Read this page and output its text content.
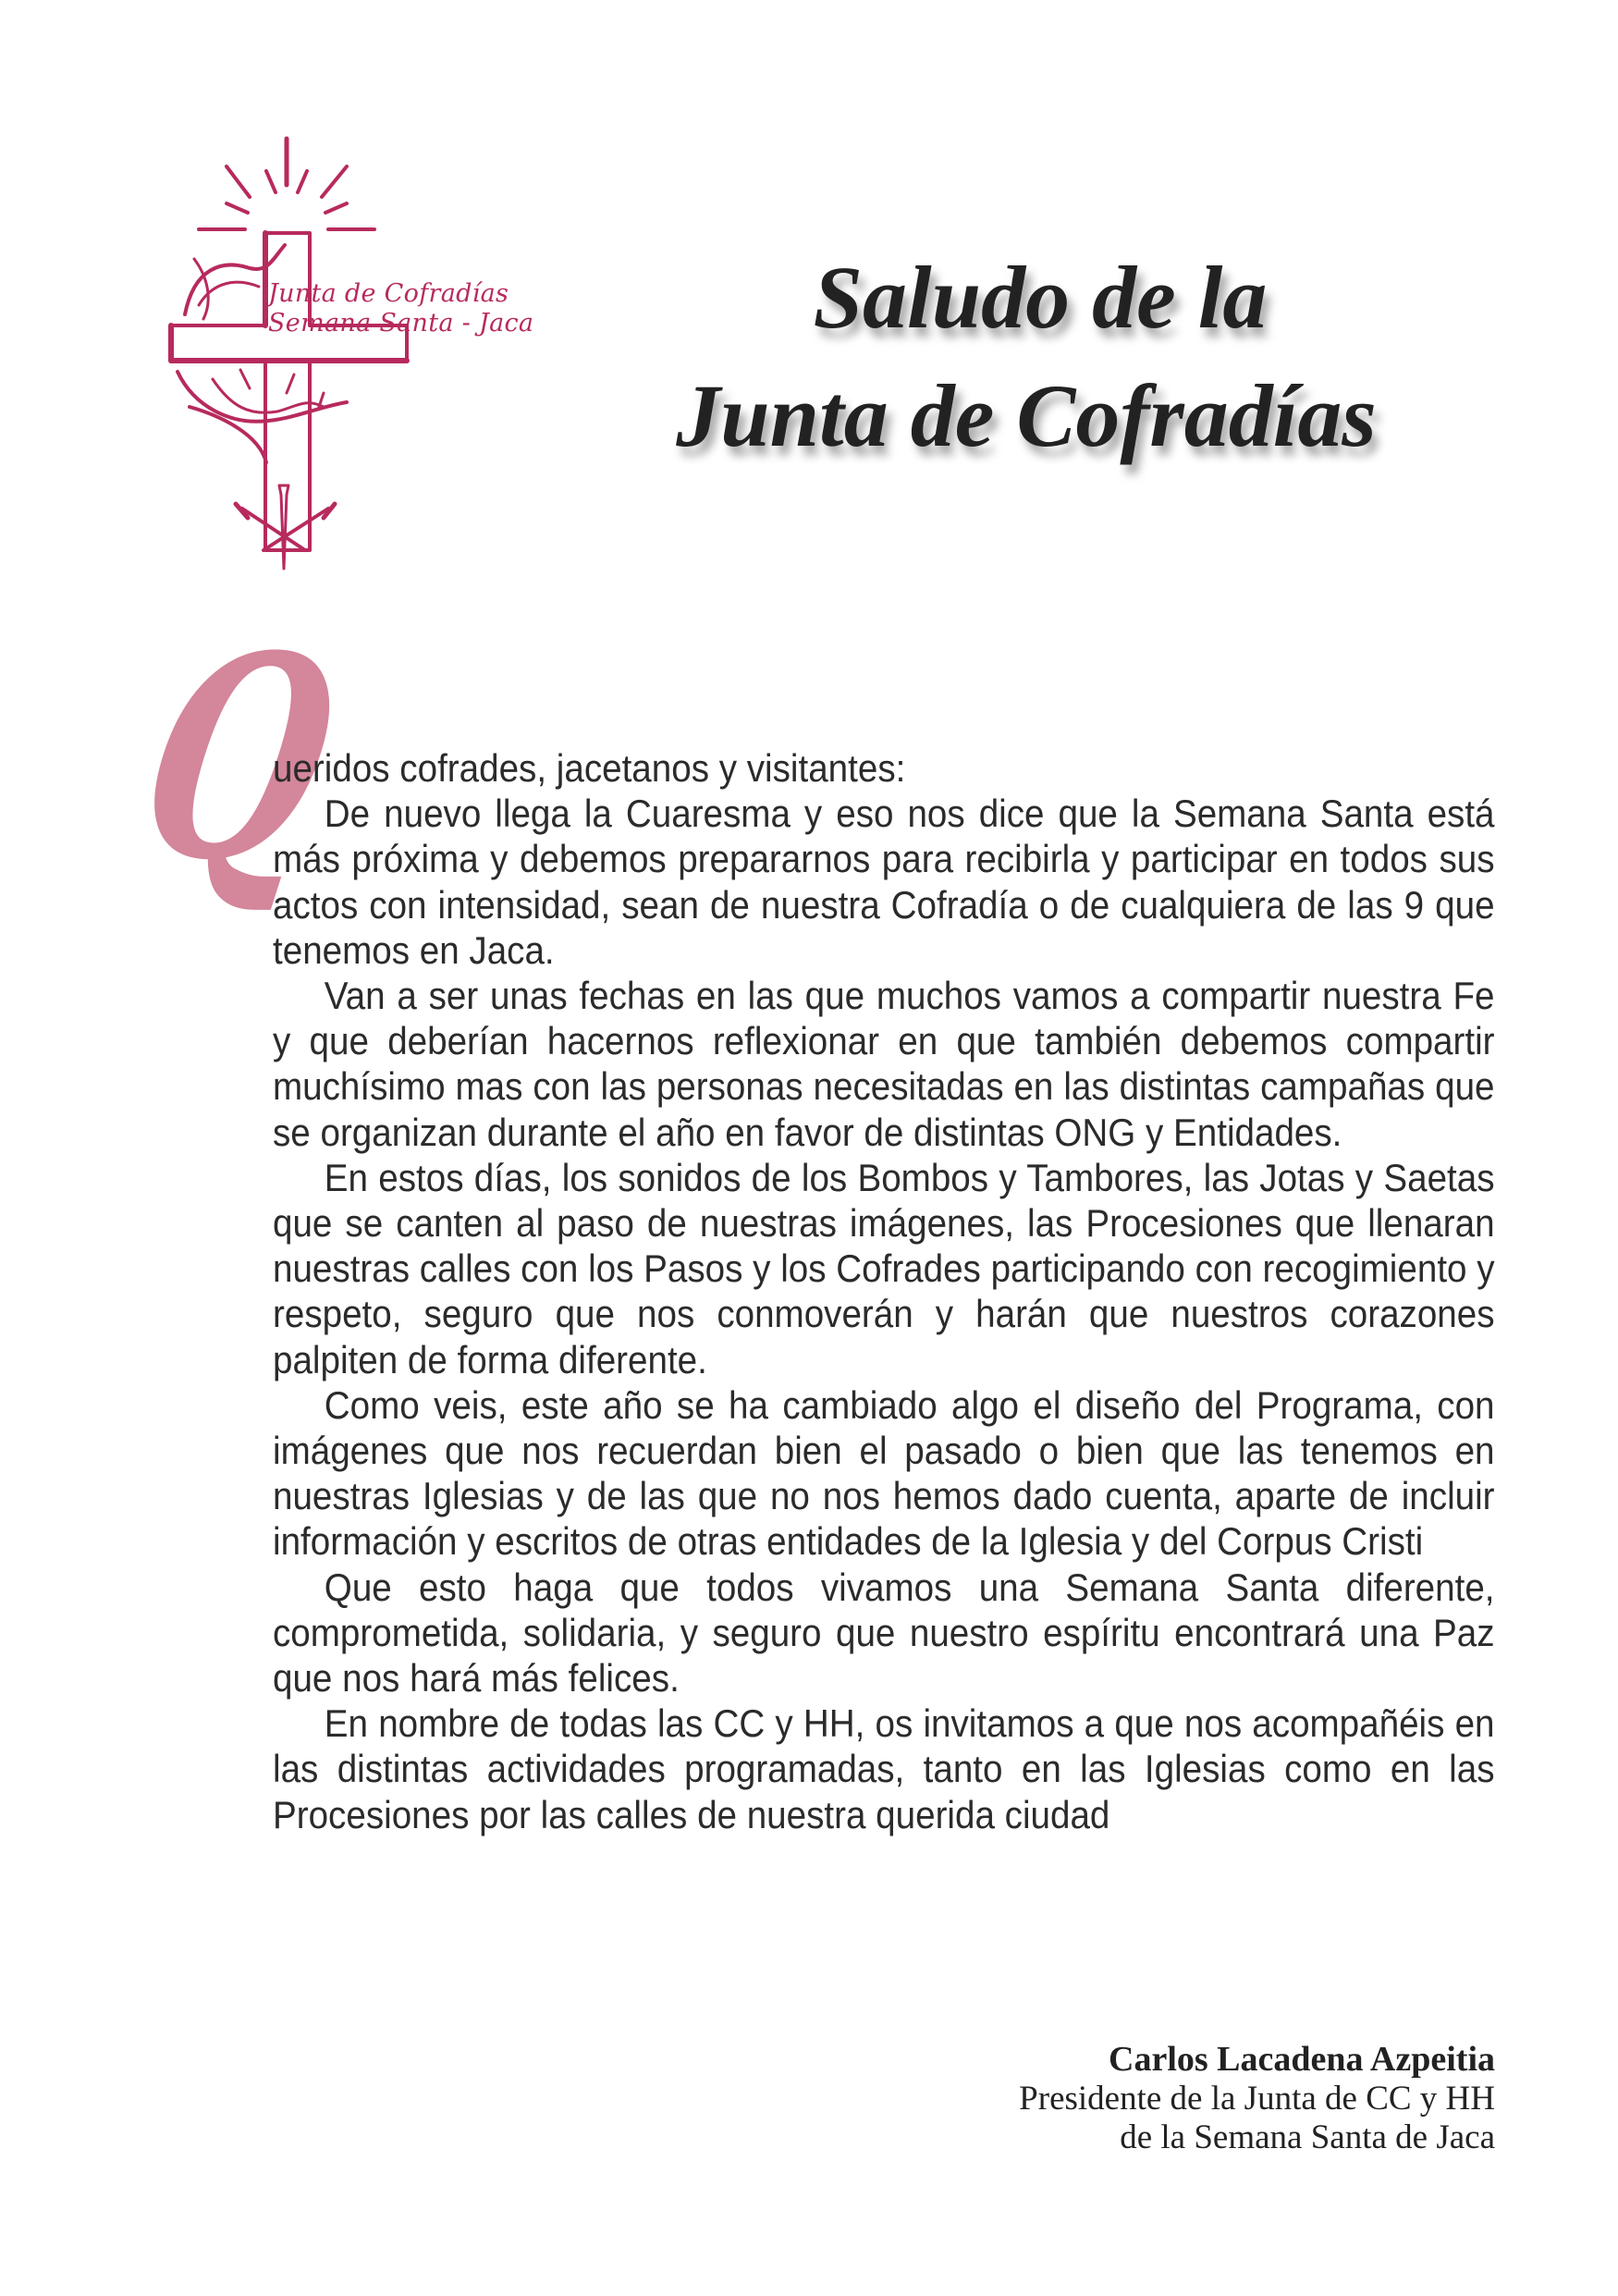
Junta de Cofradías
Semana Santa - Jaca	Saludo de la
Junta de Cofradías
Q

ueridos cofrades, jacetanos y visitantes:

De nuevo llega la Cuaresma y eso nos dice que la Semana Santa está más próxima y debemos prepararnos para recibirla y participar en todos sus actos con intensidad, sean de nuestra Cofradía o de cualquiera de las 9 que tenemos en Jaca.

Van a ser unas fechas en las que muchos vamos a compartir nuestra Fe y que deberían hacernos reflexionar en que también debemos compartir muchísimo mas con las personas necesitadas en las distintas campañas que se organizan durante el año en favor de distintas ONG y Entidades.

En estos días, los sonidos de los Bombos y Tambores, las Jotas y Saetas que se canten al paso de nuestras imágenes, las Procesiones que llenaran nuestras calles con los Pasos y los Cofrades participando con recogimiento y respeto, seguro que nos conmoverán y harán que nuestros corazones palpiten de forma diferente.

Como veis, este año se ha cambiado algo el diseño del Programa, con imágenes que nos recuerdan bien el pasado o bien que las tenemos en nuestras Iglesias y de las que no nos hemos dado cuenta, aparte de incluir información y escritos de otras entidades de la Iglesia y del Corpus Cristi

Que esto haga que todos vivamos una Semana Santa diferente, comprometida, solidaria, y seguro que nuestro espíritu encontrará una Paz que nos hará más felices.

En nombre de todas las CC y HH, os invitamos a que nos acompañéis en las distintas actividades programadas, tanto en las Iglesias como en las Procesiones por las calles de nuestra querida ciudad

Carlos Lacadena Azpeitia
Presidente de la Junta de CC y HH
de la Semana Santa de Jaca
